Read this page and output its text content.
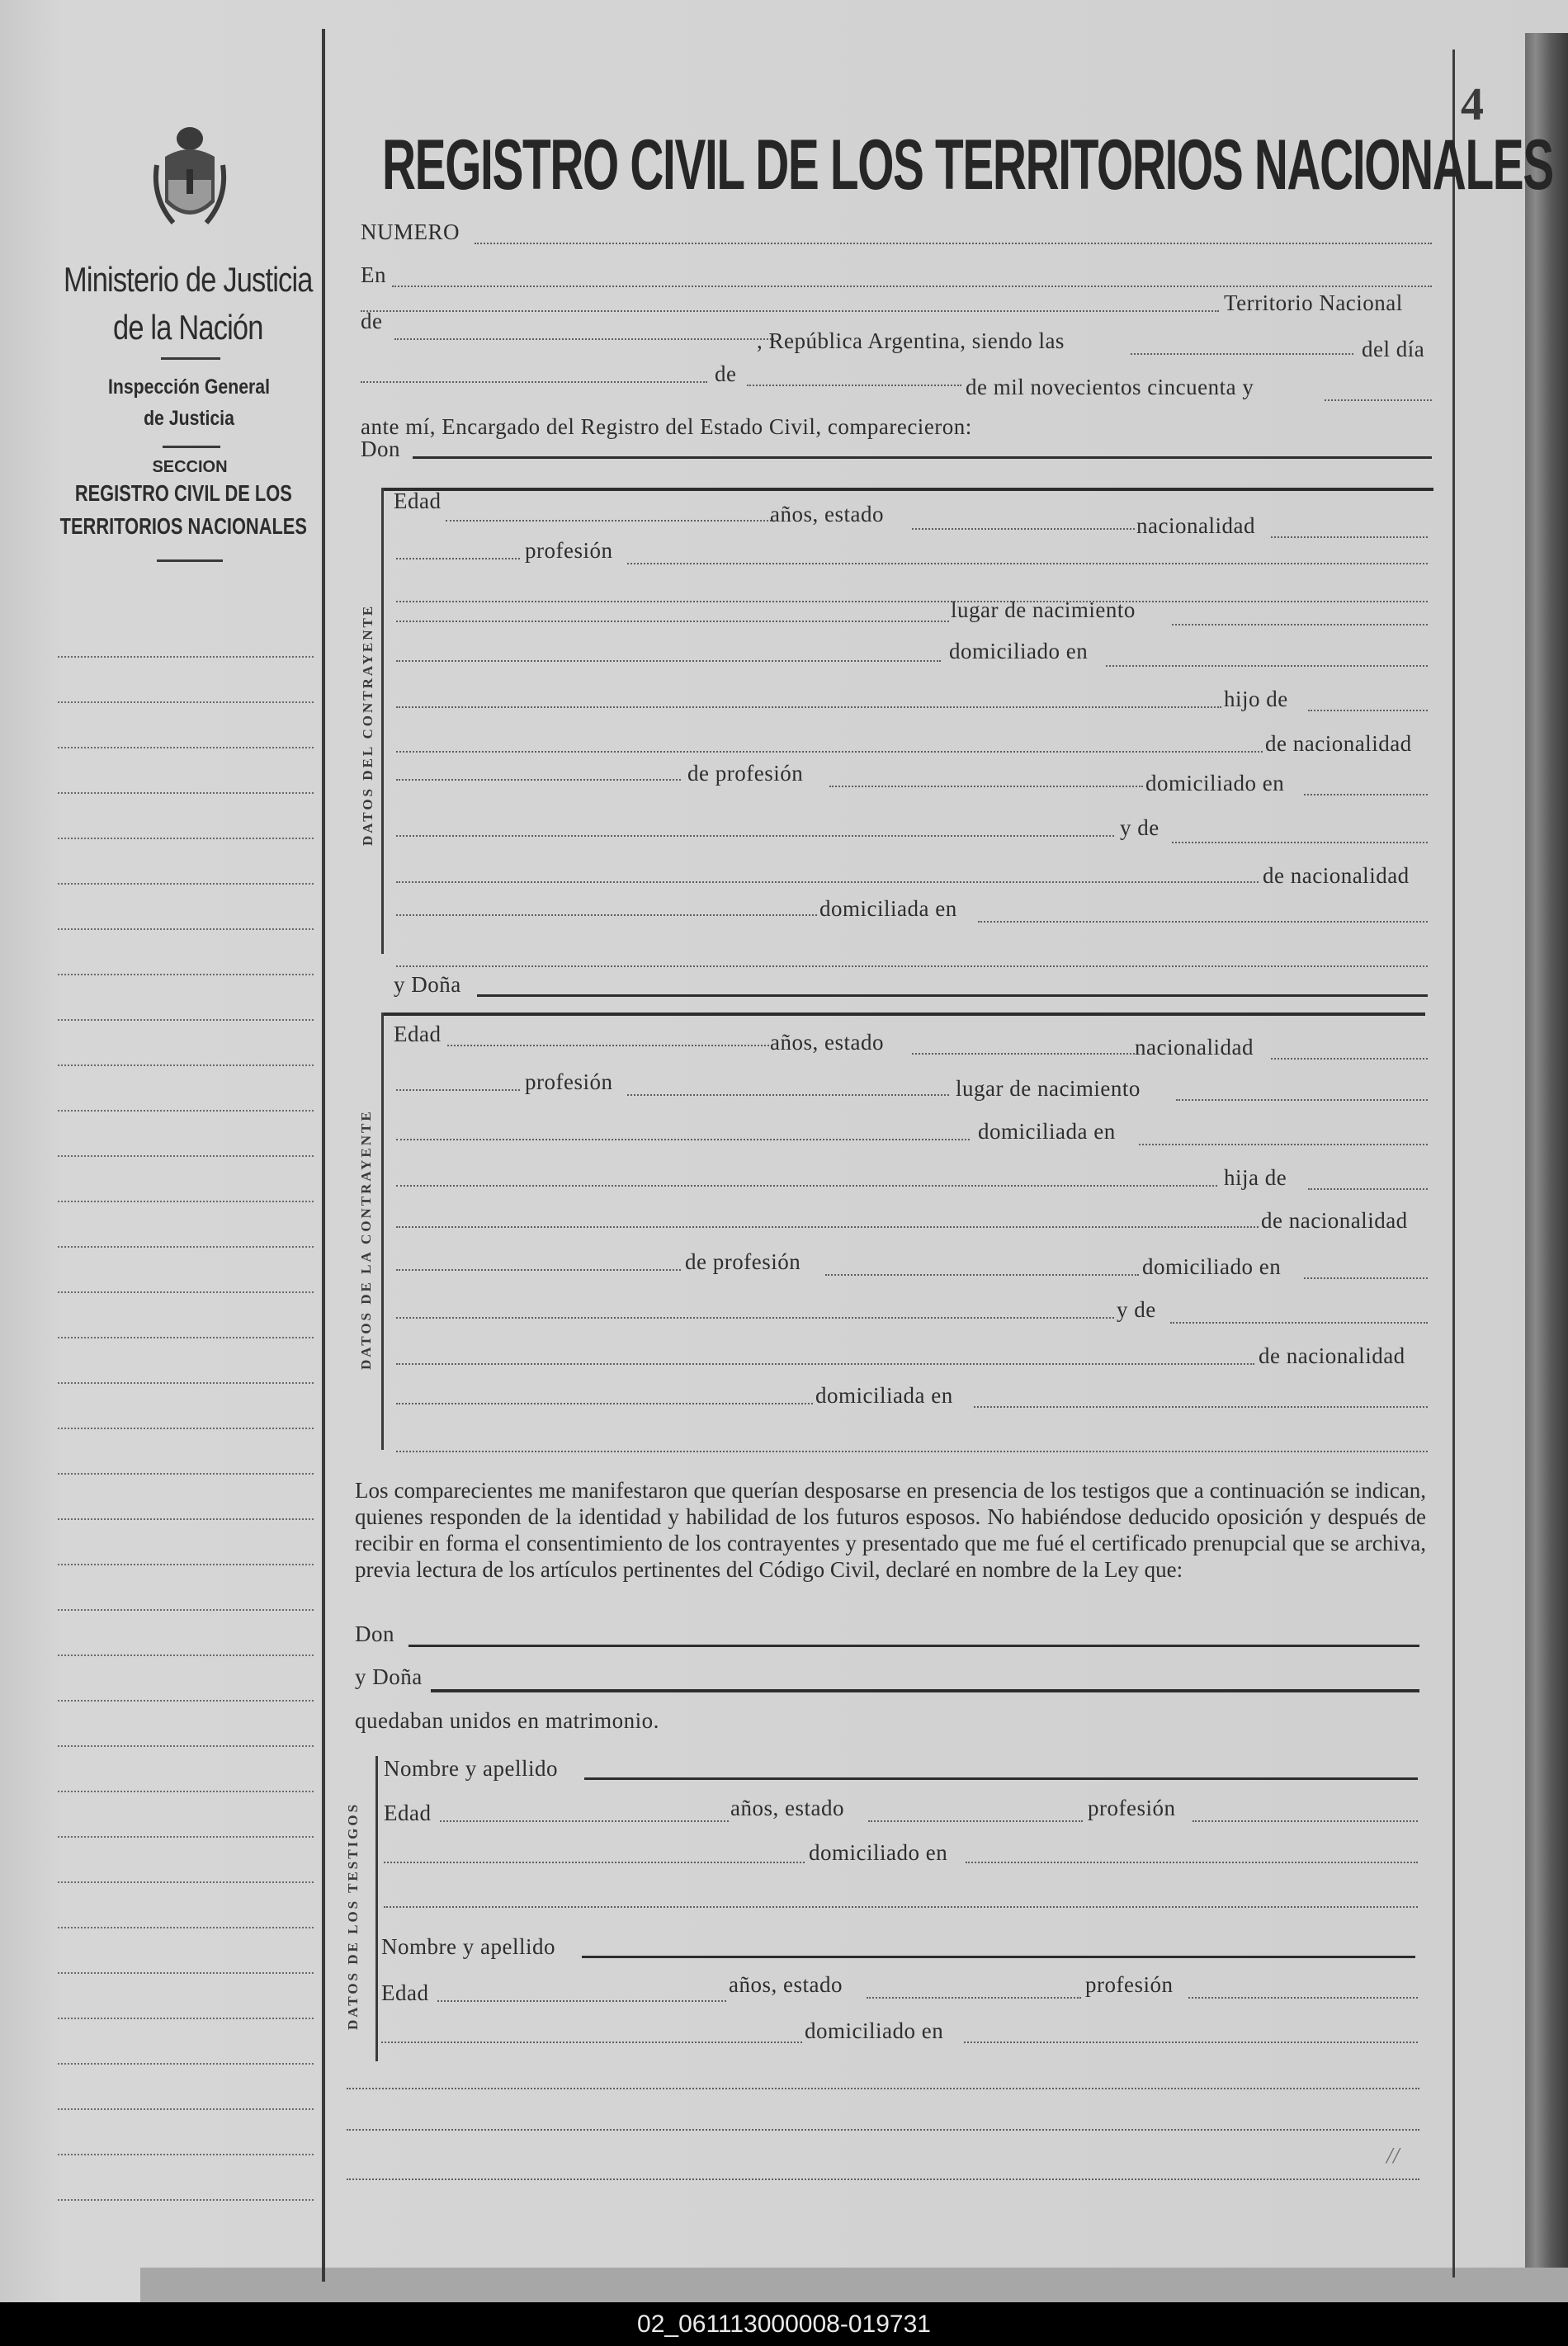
Ministerio de Justicia
de la Nación
Inspección General
de Justicia
SECCION
REGISTRO CIVIL DE LOS
TERRITORIOS NACIONALES
4
REGISTRO CIVIL DE LOS TERRITORIOS NACIONALES
NUMERO
En
Territorio Nacional
de
, República Argentina, siendo las	del día
de
de mil novecientos cincuenta y
ante mí, Encargado del Registro del Estado Civil, comparecieron:
Don
DATOS DEL CONTRAYENTE
Edad
años, estado	nacionalidad
profesión
lugar de nacimiento
domiciliado en
hijo de
de nacionalidad
de profesión	domiciliado en
y de
de nacionalidad
domiciliada en
y Doña
DATOS DE LA CONTRAYENTE
Edad	años, estado	nacionalidad
profesión	lugar de nacimiento
domiciliada en
hija de
de nacionalidad
de profesión	domiciliado en
y de
de nacionalidad
domiciliada en
Los comparecientes me manifestaron que querían desposarse en presencia de los testigos que a continuación se indican, quienes responden de la identidad y habilidad de los futuros esposos. No habiéndose deducido oposición y después de recibir en forma el consentimiento de los contrayentes y presentado que me fué el certificado prenupcial que se archiva, previa lectura de los artículos pertinentes del Código Civil, declaré en nombre de la Ley que:
Don
y Doña
quedaban unidos en matrimonio.
DATOS DE LOS TESTIGOS
Nombre y apellido
Edad	años, estado	profesión
domiciliado en
Nombre y apellido
Edad	años, estado	profesión
domiciliado en
//
02_061113000008-019731
